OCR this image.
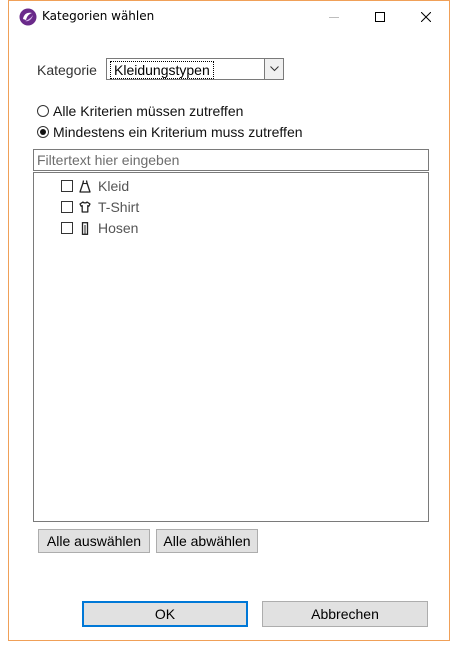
Kategorien wählen
Kategorie Kleidungstypen
Alle Kriterien müssen zutreffen
Mindestens ein Kriterium muss zutreffen
Filtertext hier eingeben
Kleid
T-Shirt
Hosen
Alle auswählen	Alle abwählen
OK	Abbrechen
